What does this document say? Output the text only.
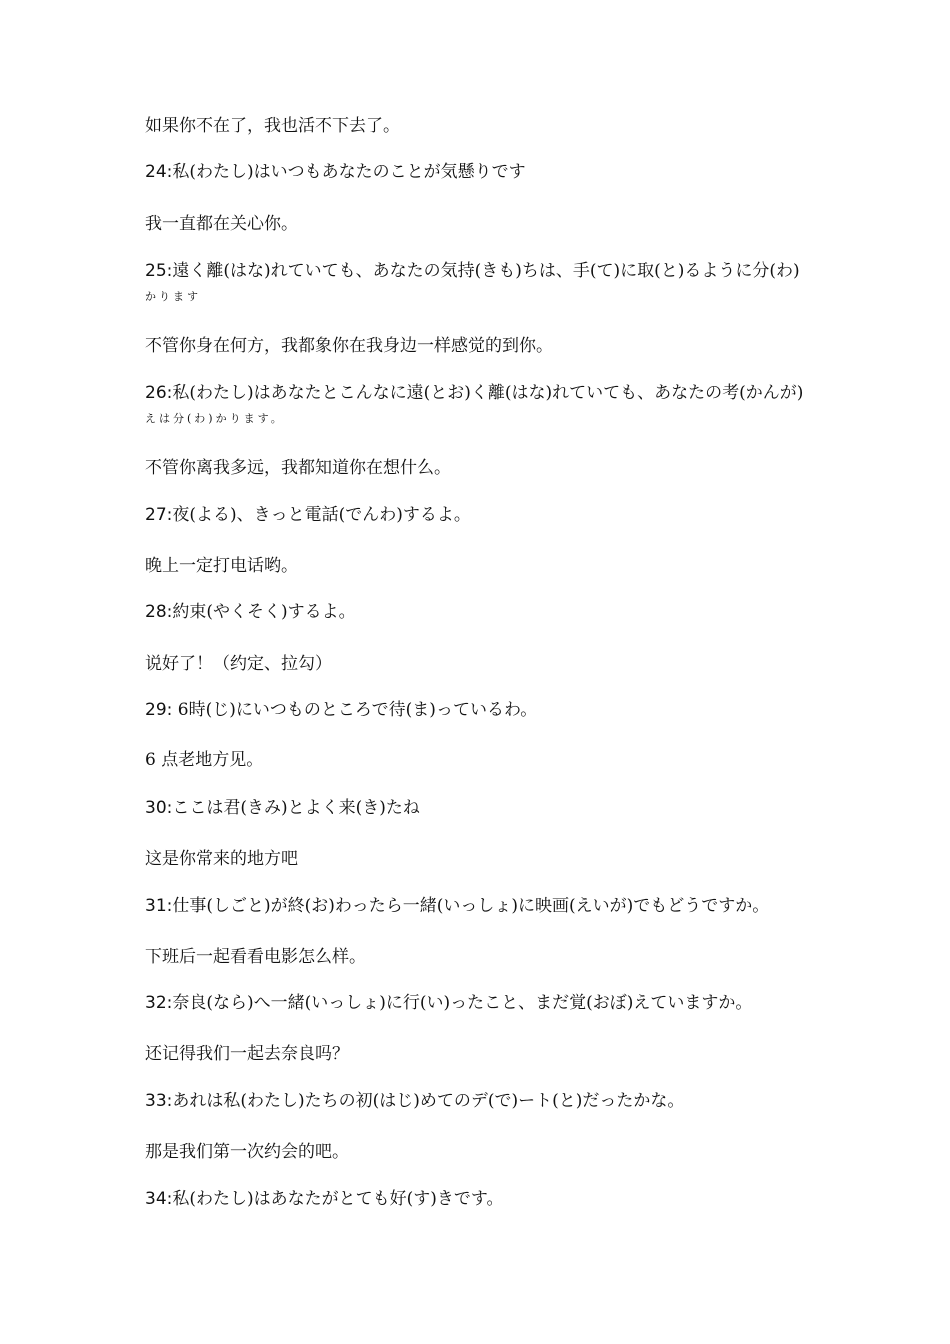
如果你不在了，我也活不下去了。
24:私(わたし)はいつもあなたのことが気懸りです
我一直都在关心你。
25:遠く離(はな)れていても、あなたの気持(きも)ちは、手(て)に取(と)るように分(わ)
かります
不管你身在何方，我都象你在我身边一样感觉的到你。
26:私(わたし)はあなたとこんなに遠(とお)く離(はな)れていても、あなたの考(かんが)
えは分(わ)かります。
不管你离我多远，我都知道你在想什么。
27:夜(よる)、きっと電話(でんわ)するよ。
晚上一定打电话哟。
28:約束(やくそく)するよ。
说好了！（约定、拉勾）
29: 6時(じ)にいつものところで待(ま)っているわ。
6 点老地方见。
30:ここは君(きみ)とよく来(き)たね
这是你常来的地方吧
31:仕事(しごと)が終(お)わったら一緒(いっしょ)に映画(えいが)でもどうですか。
下班后一起看看电影怎么样。
32:奈良(なら)へ一緒(いっしょ)に行(い)ったこと、まだ覚(おぼ)えていますか。
还记得我们一起去奈良吗？
33:あれは私(わたし)たちの初(はじ)めてのデ(で)ート(と)だったかな。
那是我们第一次约会的吧。
34:私(わたし)はあなたがとても好(す)きです。
